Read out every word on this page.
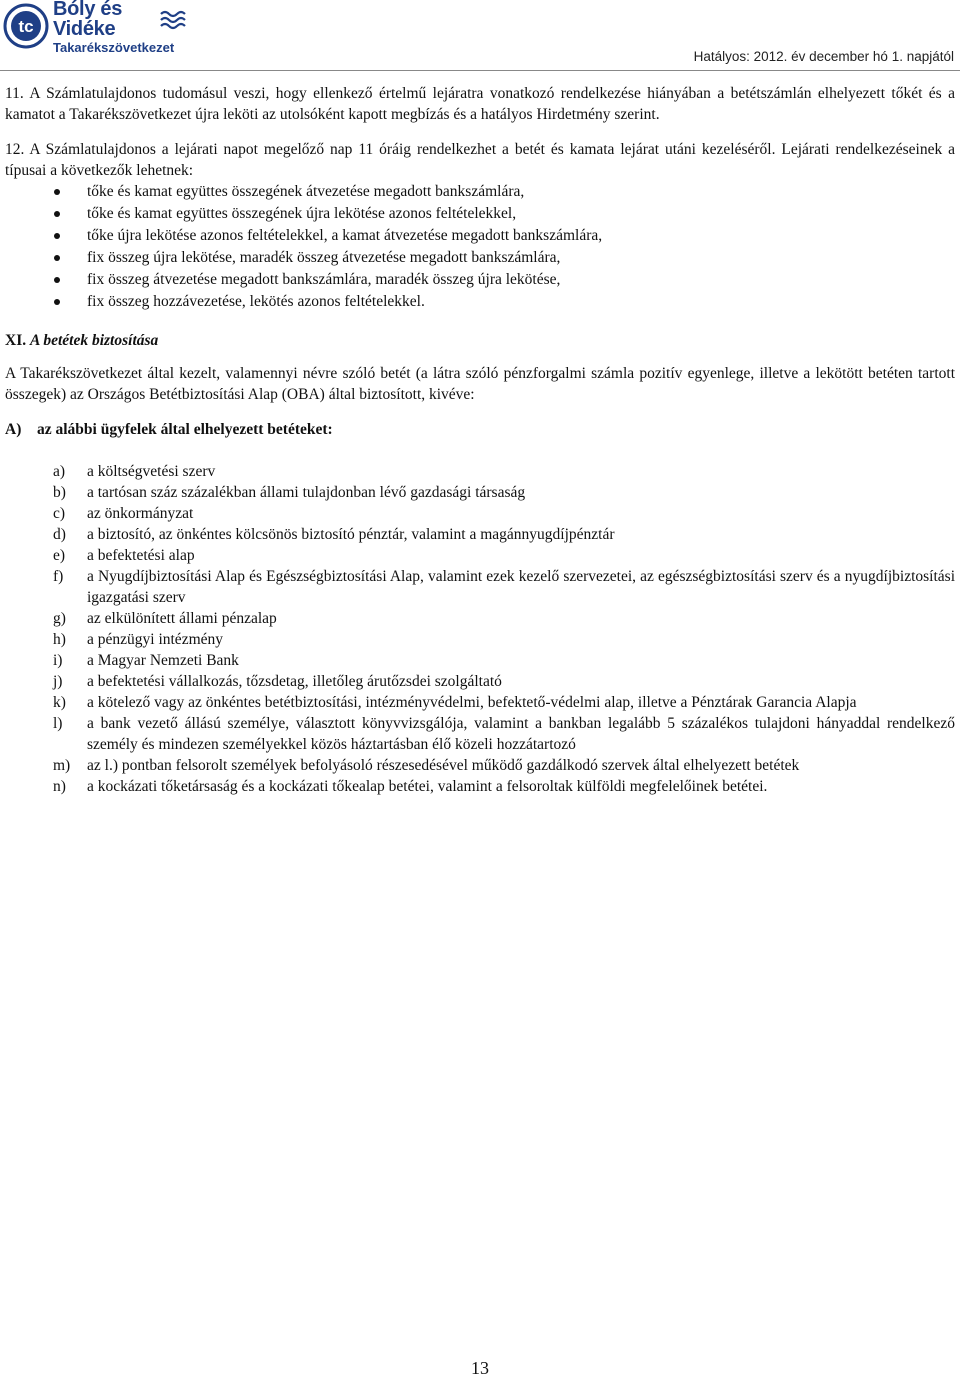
tc
Bóly és Vidéke
Takarékszövetkezet
Hatályos: 2012. év december hó 1. napjától

11. A Számlatulajdonos tudomásul veszi, hogy ellenkező értelmű lejáratra vonatkozó rendelkezése hiányában a betétszámlán elhelyezett tőkét és a kamatot a Takarékszövetkezet újra leköti az utolsóként kapott megbízás és a hatályos Hirdetmény szerint.

12. A Számlatulajdonos a lejárati napot megelőző nap 11 óráig rendelkezhet a betét és kamata lejárat utáni kezeléséről. Lejárati rendelkezéseinek a típusai a következők lehetnek:

tőke és kamat együttes összegének átvezetése megadott bankszámlára,
tőke és kamat együttes összegének újra lekötése azonos feltételekkel,
tőke újra lekötése azonos feltételekkel, a kamat átvezetése megadott bankszámlára,
fix összeg újra lekötése, maradék összeg átvezetése megadott bankszámlára,
fix összeg átvezetése megadott bankszámlára, maradék összeg újra lekötése,
fix összeg hozzávezetése, lekötés azonos feltételekkel.
XI. A betétek biztosítása

A Takarékszövetkezet által kezelt, valamennyi névre szóló betét (a látra szóló pénzforgalmi számla pozitív egyenlege, illetve a lekötött betéten tartott összegek) az Országos Betétbiztosítási Alap (OBA) által biztosított, kivéve:

A)	az alábbi ügyfelek által elhelyezett betéteket:
a) a költségvetési szerv
b) a tartósan száz százalékban állami tulajdonban lévő gazdasági társaság
c) az önkormányzat
d) a biztosító, az önkéntes kölcsönös biztosító pénztár, valamint a magánnyugdíjpénztár
e) a befektetési alap
f) a Nyugdíjbiztosítási Alap és Egészségbiztosítási Alap, valamint ezek kezelő szervezetei, az egészségbiztosítási szerv és a nyugdíjbiztosítási igazgatási szerv
g) az elkülönített állami pénzalap
h) a pénzügyi intézmény
i) a Magyar Nemzeti Bank
j) a befektetési vállalkozás, tőzsdetag, illetőleg árutőzsdei szolgáltató
k) a kötelező vagy az önkéntes betétbiztosítási, intézményvédelmi, befektető-védelmi alap, illetve a Pénztárak Garancia Alapja
l) a bank vezető állású személye, választott könyvvizsgálója, valamint a bankban legalább 5 százalékos tulajdoni hányaddal rendelkező személy és mindezen személyekkel közös háztartásban élő közeli hozzátartozó
m) az l.) pontban felsorolt személyek befolyásoló részesedésével működő gazdálkodó szervek által elhelyezett betétek
n) a kockázati tőketársaság és a kockázati tőkealap betétei, valamint a felsoroltak külföldi megfelelőinek betétei.
13
